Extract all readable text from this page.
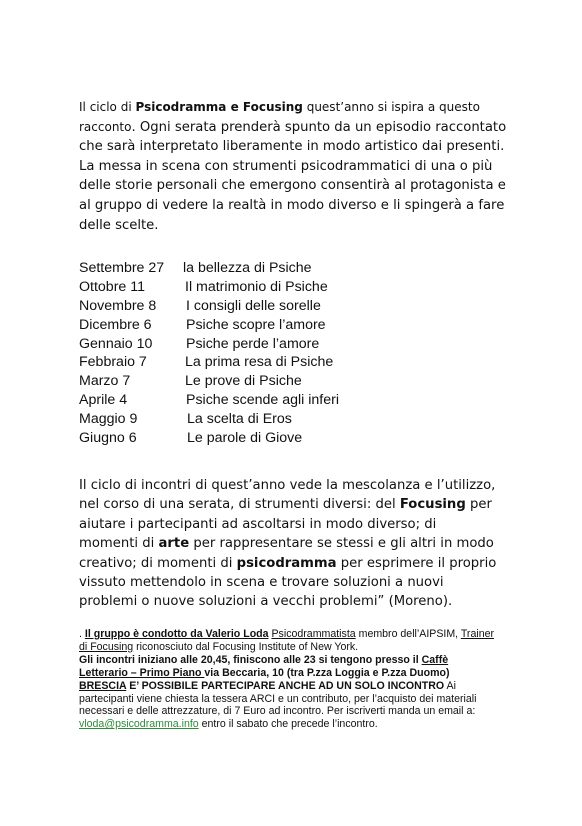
Il ciclo di Psicodramma e Focusing quest’anno si ispira a questo racconto. Ogni serata prenderà spunto da un episodio raccontato che sarà interpretato liberamente in modo artistico dai presenti. La messa in scena con strumenti psicodrammatici di una o più delle storie personali che emergono consentirà al protagonista e al gruppo di vedere la realtà in modo diverso e li spingerà a fare delle scelte.
Settembre 27 la bellezza di Psiche
Ottobre 11	Il matrimonio di Psiche
Novembre 8 I consigli delle sorelle
Dicembre 6 Psiche scopre l’amore
Gennaio 10 Psiche perde l’amore
Febbraio 7	La prima resa di Psiche
Marzo 7	Le prove di Psiche
Aprile 4	Psiche scende agli inferi
Maggio 9	La scelta di Eros
Giugno 6	Le parole di Giove
Il ciclo di incontri di quest’anno vede la mescolanza e l’utilizzo, nel corso di una serata, di strumenti diversi: del Focusing per aiutare i partecipanti ad ascoltarsi in modo diverso; di momenti di arte per rappresentare se stessi e gli altri in modo creativo; di momenti di psicodramma per esprimere il proprio vissuto mettendolo in scena e trovare soluzioni a nuovi problemi o nuove soluzioni a vecchi problemi” (Moreno).
. Il gruppo è condotto da Valerio Loda Psicodrammatista membro dell’AIPSIM, Trainer di Focusing riconosciuto dal Focusing Institute of New York.
Gli incontri iniziano alle 20,45, finiscono alle 23 si tengono presso il Caffè Letterario – Primo Piano via Beccaria, 10 (tra P.zza Loggia e P.zza Duomo) BRESCIA E’ POSSIBILE PARTECIPARE ANCHE AD UN SOLO INCONTRO Ai partecipanti viene chiesta la tessera ARCI e un contributo, per l’acquisto dei materiali necessari e delle attrezzature, di 7 Euro ad incontro. Per iscriverti manda un email a: vloda@psicodramma.info entro il sabato che precede l’incontro.
